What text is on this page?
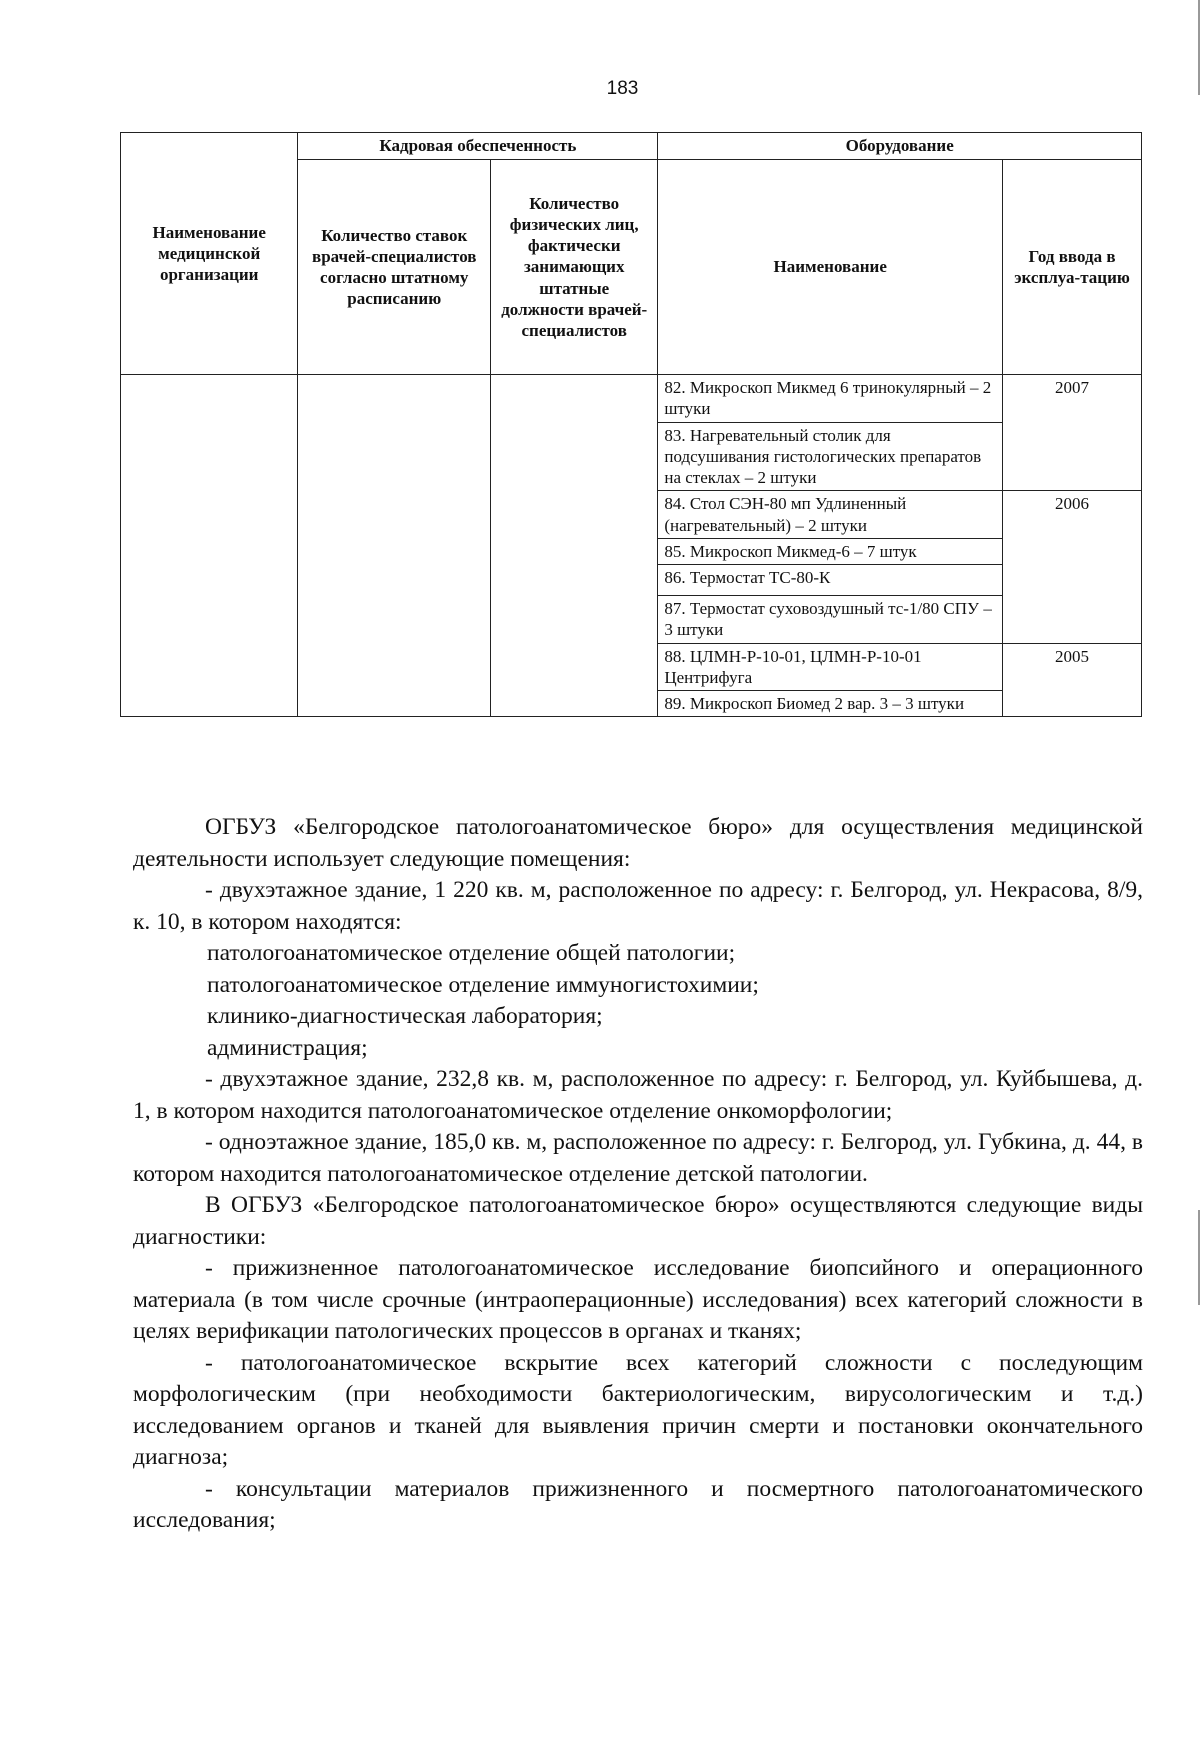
183
Наименование медицинской организации	Кадровая обеспеченность		Оборудование	
	Количество ставок врачей-специалистов согласно штатному расписанию	Количество физических лиц, фактически занимающих штатные должности врачей-специалистов	Наименование	Год ввода в эксплуа-тацию
			82. Микроскоп Микмед 6 тринокулярный – 2 штуки	2007
			83. Нагревательный столик для подсушивания гистологических препаратов на стеклах – 2 штуки	
			84. Стол СЭН-80 мп Удлиненный (нагревательный) – 2 штуки	2006
			85. Микроскоп Микмед-6 – 7 штук	
			86. Термостат ТС-80-К	
			87. Термостат суховоздушный тс-1/80 СПУ – 3 штуки	
			88. ЦЛМН-Р-10-01, ЦЛМН-Р-10-01 Центрифуга	2005
			89. Микроскоп Биомед 2 вар. 3 – 3 штуки	

ОГБУЗ «Белгородское патологоанатомическое бюро» для осуществления медицинской деятельности использует следующие помещения:

- двухэтажное здание, 1 220 кв. м, расположенное по адресу: г. Белгород, ул. Некрасова, 8/9, к. 10, в котором находятся:

патологоанатомическое отделение общей патологии;

патологоанатомическое отделение иммуногистохимии;

клинико-диагностическая лаборатория;

администрация;

- двухэтажное здание, 232,8 кв. м, расположенное по адресу: г. Белгород, ул. Куйбышева, д. 1, в котором находится патологоанатомическое отделение онкоморфологии;

- одноэтажное здание, 185,0 кв. м, расположенное по адресу: г. Белгород, ул. Губкина, д. 44, в котором находится патологоанатомическое отделение детской патологии.

В ОГБУЗ «Белгородское патологоанатомическое бюро» осуществляются следующие виды диагностики:

- прижизненное патологоанатомическое исследование биопсийного и операционного материала (в том числе срочные (интраоперационные) исследования) всех категорий сложности в целях верификации патологических процессов в органах и тканях;

- патологоанатомическое вскрытие всех категорий сложности с последующим морфологическим (при необходимости бактериологическим, вирусологическим и т.д.) исследованием органов и тканей для выявления причин смерти и постановки окончательного диагноза;

- консультации материалов прижизненного и посмертного патологоанатомического исследования;
